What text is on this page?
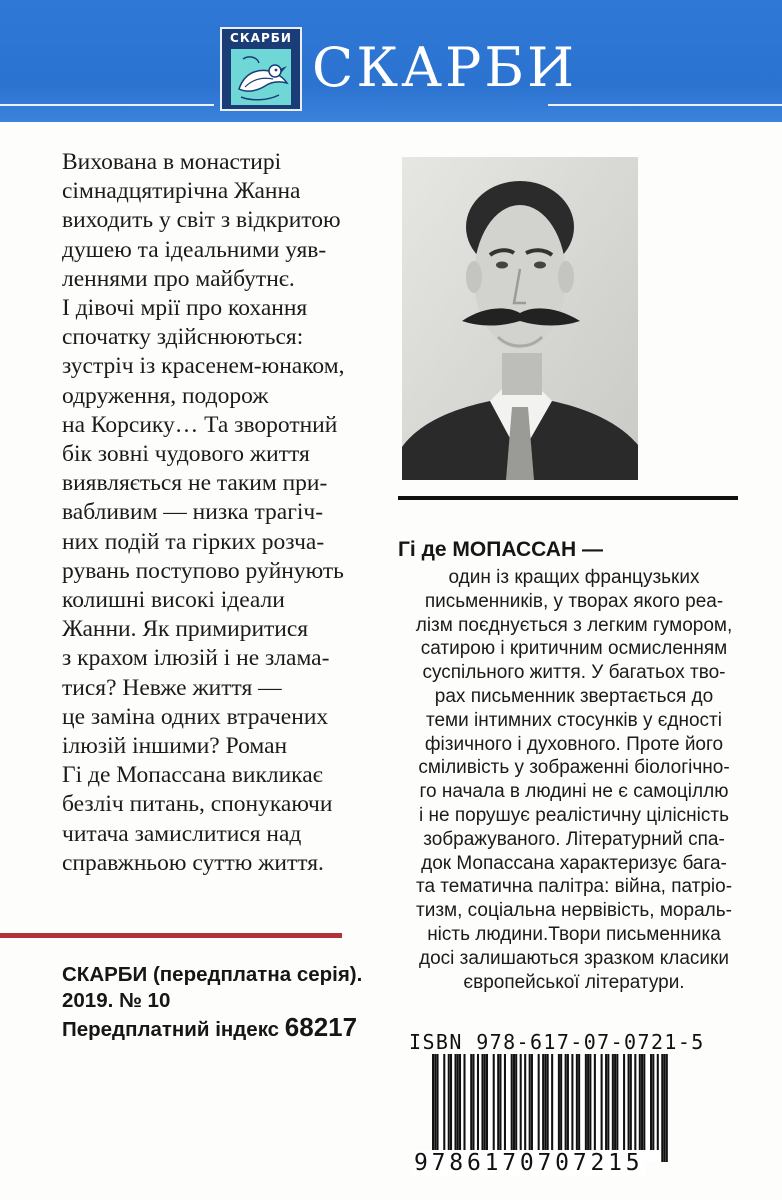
СКАРБИ СКАРБИ
Вихована в монастирі
сімнадцятирічна Жанна
виходить у світ з відкритою
душею та ідеальними уяв-
леннями про майбутнє.
І дівочі мрії про кохання
спочатку здійснюються:
зустріч із красенем-юнаком,
одруження, подорож
на Корсику… Та зворотний
бік зовні чудового життя
виявляється не таким при-
вабливим — низка трагіч-
них подій та гірких розча-
рувань поступово руйнують
колишні високі ідеали
Жанни. Як примиритися
з крахом ілюзій і не злама-
тися? Невже життя —
це заміна одних втрачених
ілюзій іншими? Роман
Гі де Мопассана викликає
безліч питань, спонукаючи
читача замислитися над
справжньою суттю життя.
СКАРБИ (передплатна серія).
2019. № 10
Передплатний індекс 68217
Гі де МОПАССАН —
один із кращих французьких
письменників, у творах якого реа-
лізм поєднується з легким гумором,
сатирою і критичним осмисленням
суспільного життя. У багатьох тво-
рах письменник звертається до
теми інтимних стосунків у єдності
фізичного і духовного. Проте його
сміливість у зображенні біологічно-
го начала в людині не є самоціллю
і не порушує реалістичну цілісність
зображуваного. Літературний спа-
док Мопассана характеризує бага-
та тематична палітра: війна, патріо-
тизм, соціальна нервівість, мораль-
ність людини.Твори письменника
досі залишаються зразком класики
європейської літератури.
ISBN 978-617-07-0721-5
9786170707215
